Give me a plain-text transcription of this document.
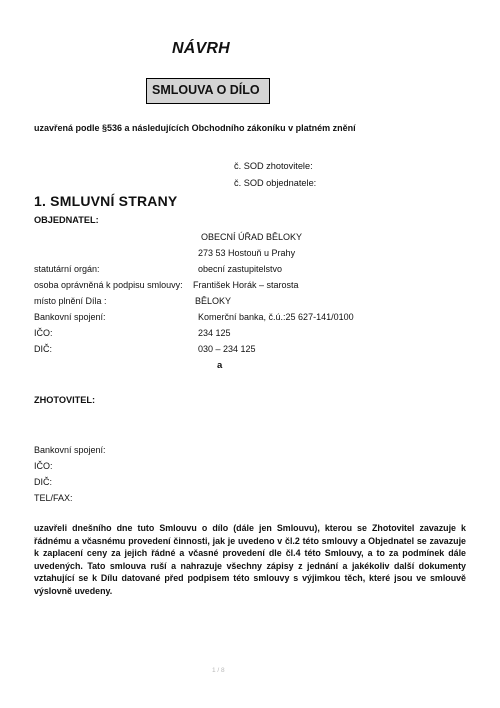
NÁVRH
SMLOUVA O DÍLO
uzavřená podle §536 a následujících Obchodního zákoníku v platném znění
č. SOD zhotovitele:
č. SOD objednatele:
1. SMLUVNÍ STRANY
OBJEDNATEL:
OBECNÍ ÚŘAD BĚLOKY
273 53 Hostouň u Prahy
statutární orgán:	obecní zastupitelstvo
osoba oprávněná k podpisu smlouvy: František Horák – starosta
místo plnění Díla :	BĚLOKY
Bankovní spojení:	Komerční banka, č.ú.:25 627-141/0100
IČO:	234 125
DIČ:	030 – 234 125
a
ZHOTOVITEL:
Bankovní spojení:
IČO:
DIČ:
TEL/FAX:
uzavřeli dnešního dne tuto Smlouvu o dílo (dále jen Smlouvu), kterou se Zhotovitel zavazuje k řádnému a včasnému provedení činnosti, jak je uvedeno v čl.2 této smlouvy a Objednatel se zavazuje k zaplacení ceny za jejich řádné a včasné provedení dle čl.4 této Smlouvy, a to za podmínek dále uvedených. Tato smlouva ruší a nahrazuje všechny zápisy z jednání a jakékoliv další dokumenty vztahující se k Dílu datované před podpisem této smlouvy s výjimkou těch, které jsou ve smlouvě výslovně uvedeny.
1 / 8
